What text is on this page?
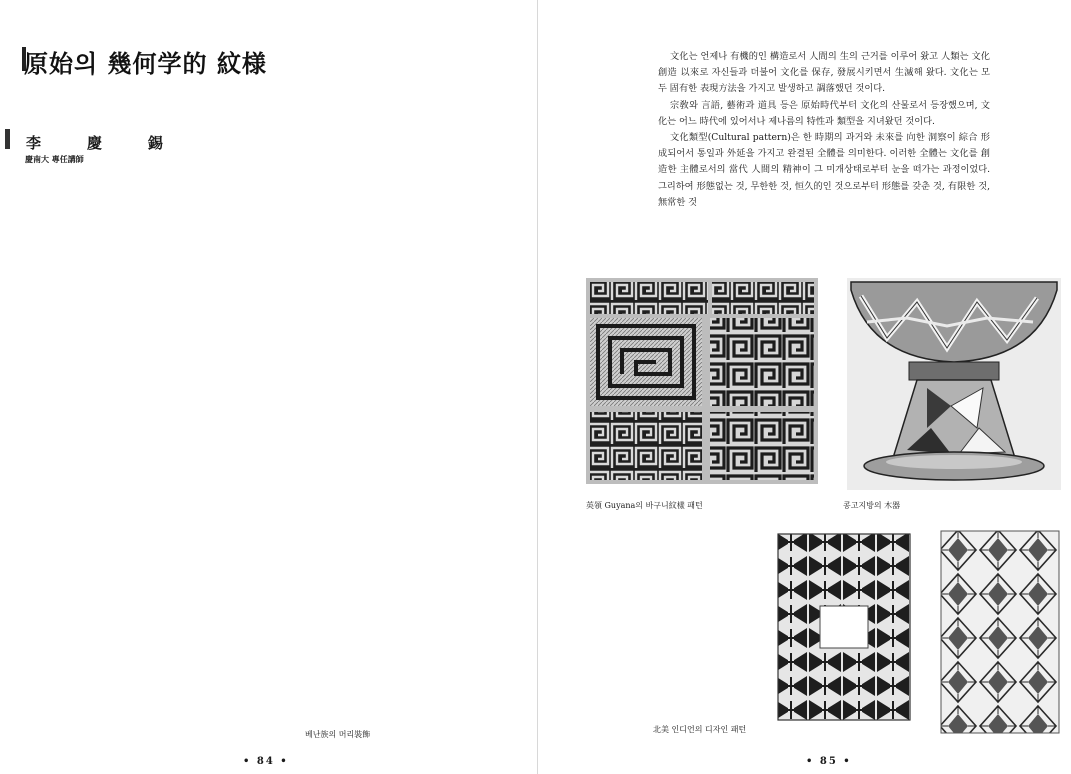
原始의 幾何学的 紋様
李慶錫
慶南大 專任講師
베난族의 머리裝飾
• 84 •

文化는 언제나 有機的인 構造로서 人間의 生의 근거를 이루어 왔고 人類는 文化創造 以來로 자신들과 더불어 文化를 保存, 發展시키면서 生滅해 왔다. 文化는 모두 固有한 表現方法을 가지고 발생하고 調落했던 것이다.

宗敎와 言語, 藝術과 道具 등은 原始時代부터 文化의 산물로서 등장했으며, 文化는 어느 時代에 있어서나 제나름의 特性과 類型을 지녀왔던 것이다.

文化類型(Cultural pattern)은 한 時期의 과거와 未來를 向한 洞察이 綜合 形成되어서 통일과 外延을 가지고 완결된 全體를 의미한다. 이러한 全體는 文化를 創造한 主體로서의 當代 人間의 精神이 그 미개상태로부터 눈을 떠가는 과정이었다. 그리하여 形態없는 것, 무한한 것, 恒久的인 것으로부터 形態를 갖춘 것, 有限한 것, 無常한 것

英領 Guyana의 바구니紋樣 패턴	콩고지방의 木器
北美 인디언의 디자인 패턴
• 85 •
